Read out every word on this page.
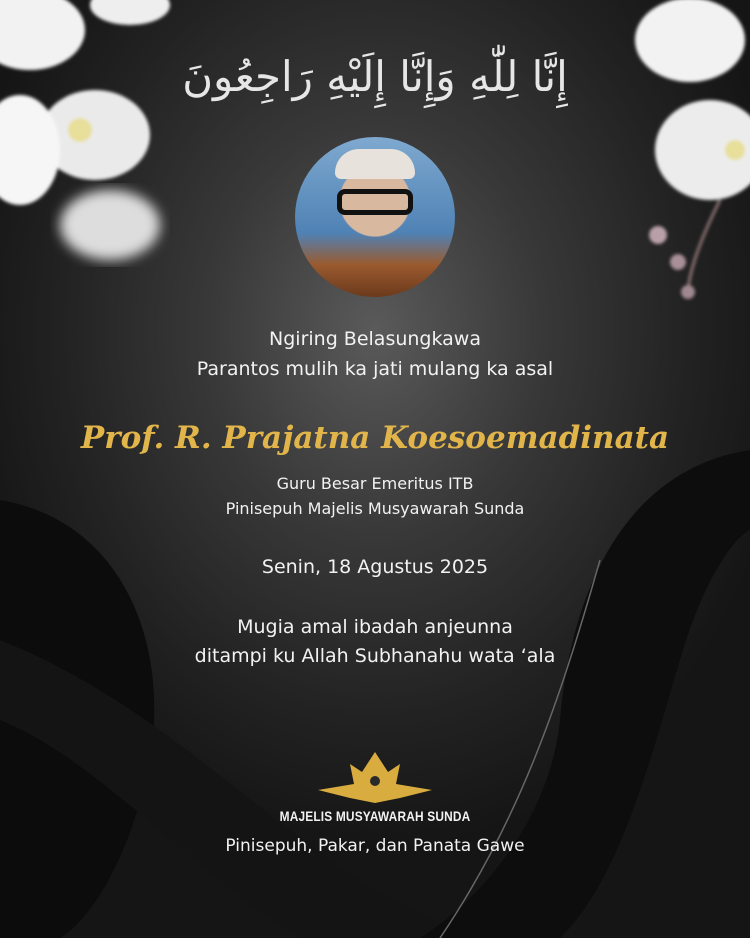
إِنَّا لِلّٰهِ وَإِنَّا إِلَيْهِ رَاجِعُونَ
Ngiring Belasungkawa
Parantos mulih ka jati mulang ka asal
Prof. R. Prajatna Koesoemadinata
Guru Besar Emeritus ITB
Pinisepuh Majelis Musyawarah Sunda
Senin, 18 Agustus 2025
Mugia amal ibadah anjeunna
ditampi ku Allah Subhanahu wata ‘ala
MAJELIS MUSYAWARAH SUNDA
Pinisepuh, Pakar, dan Panata Gawe
